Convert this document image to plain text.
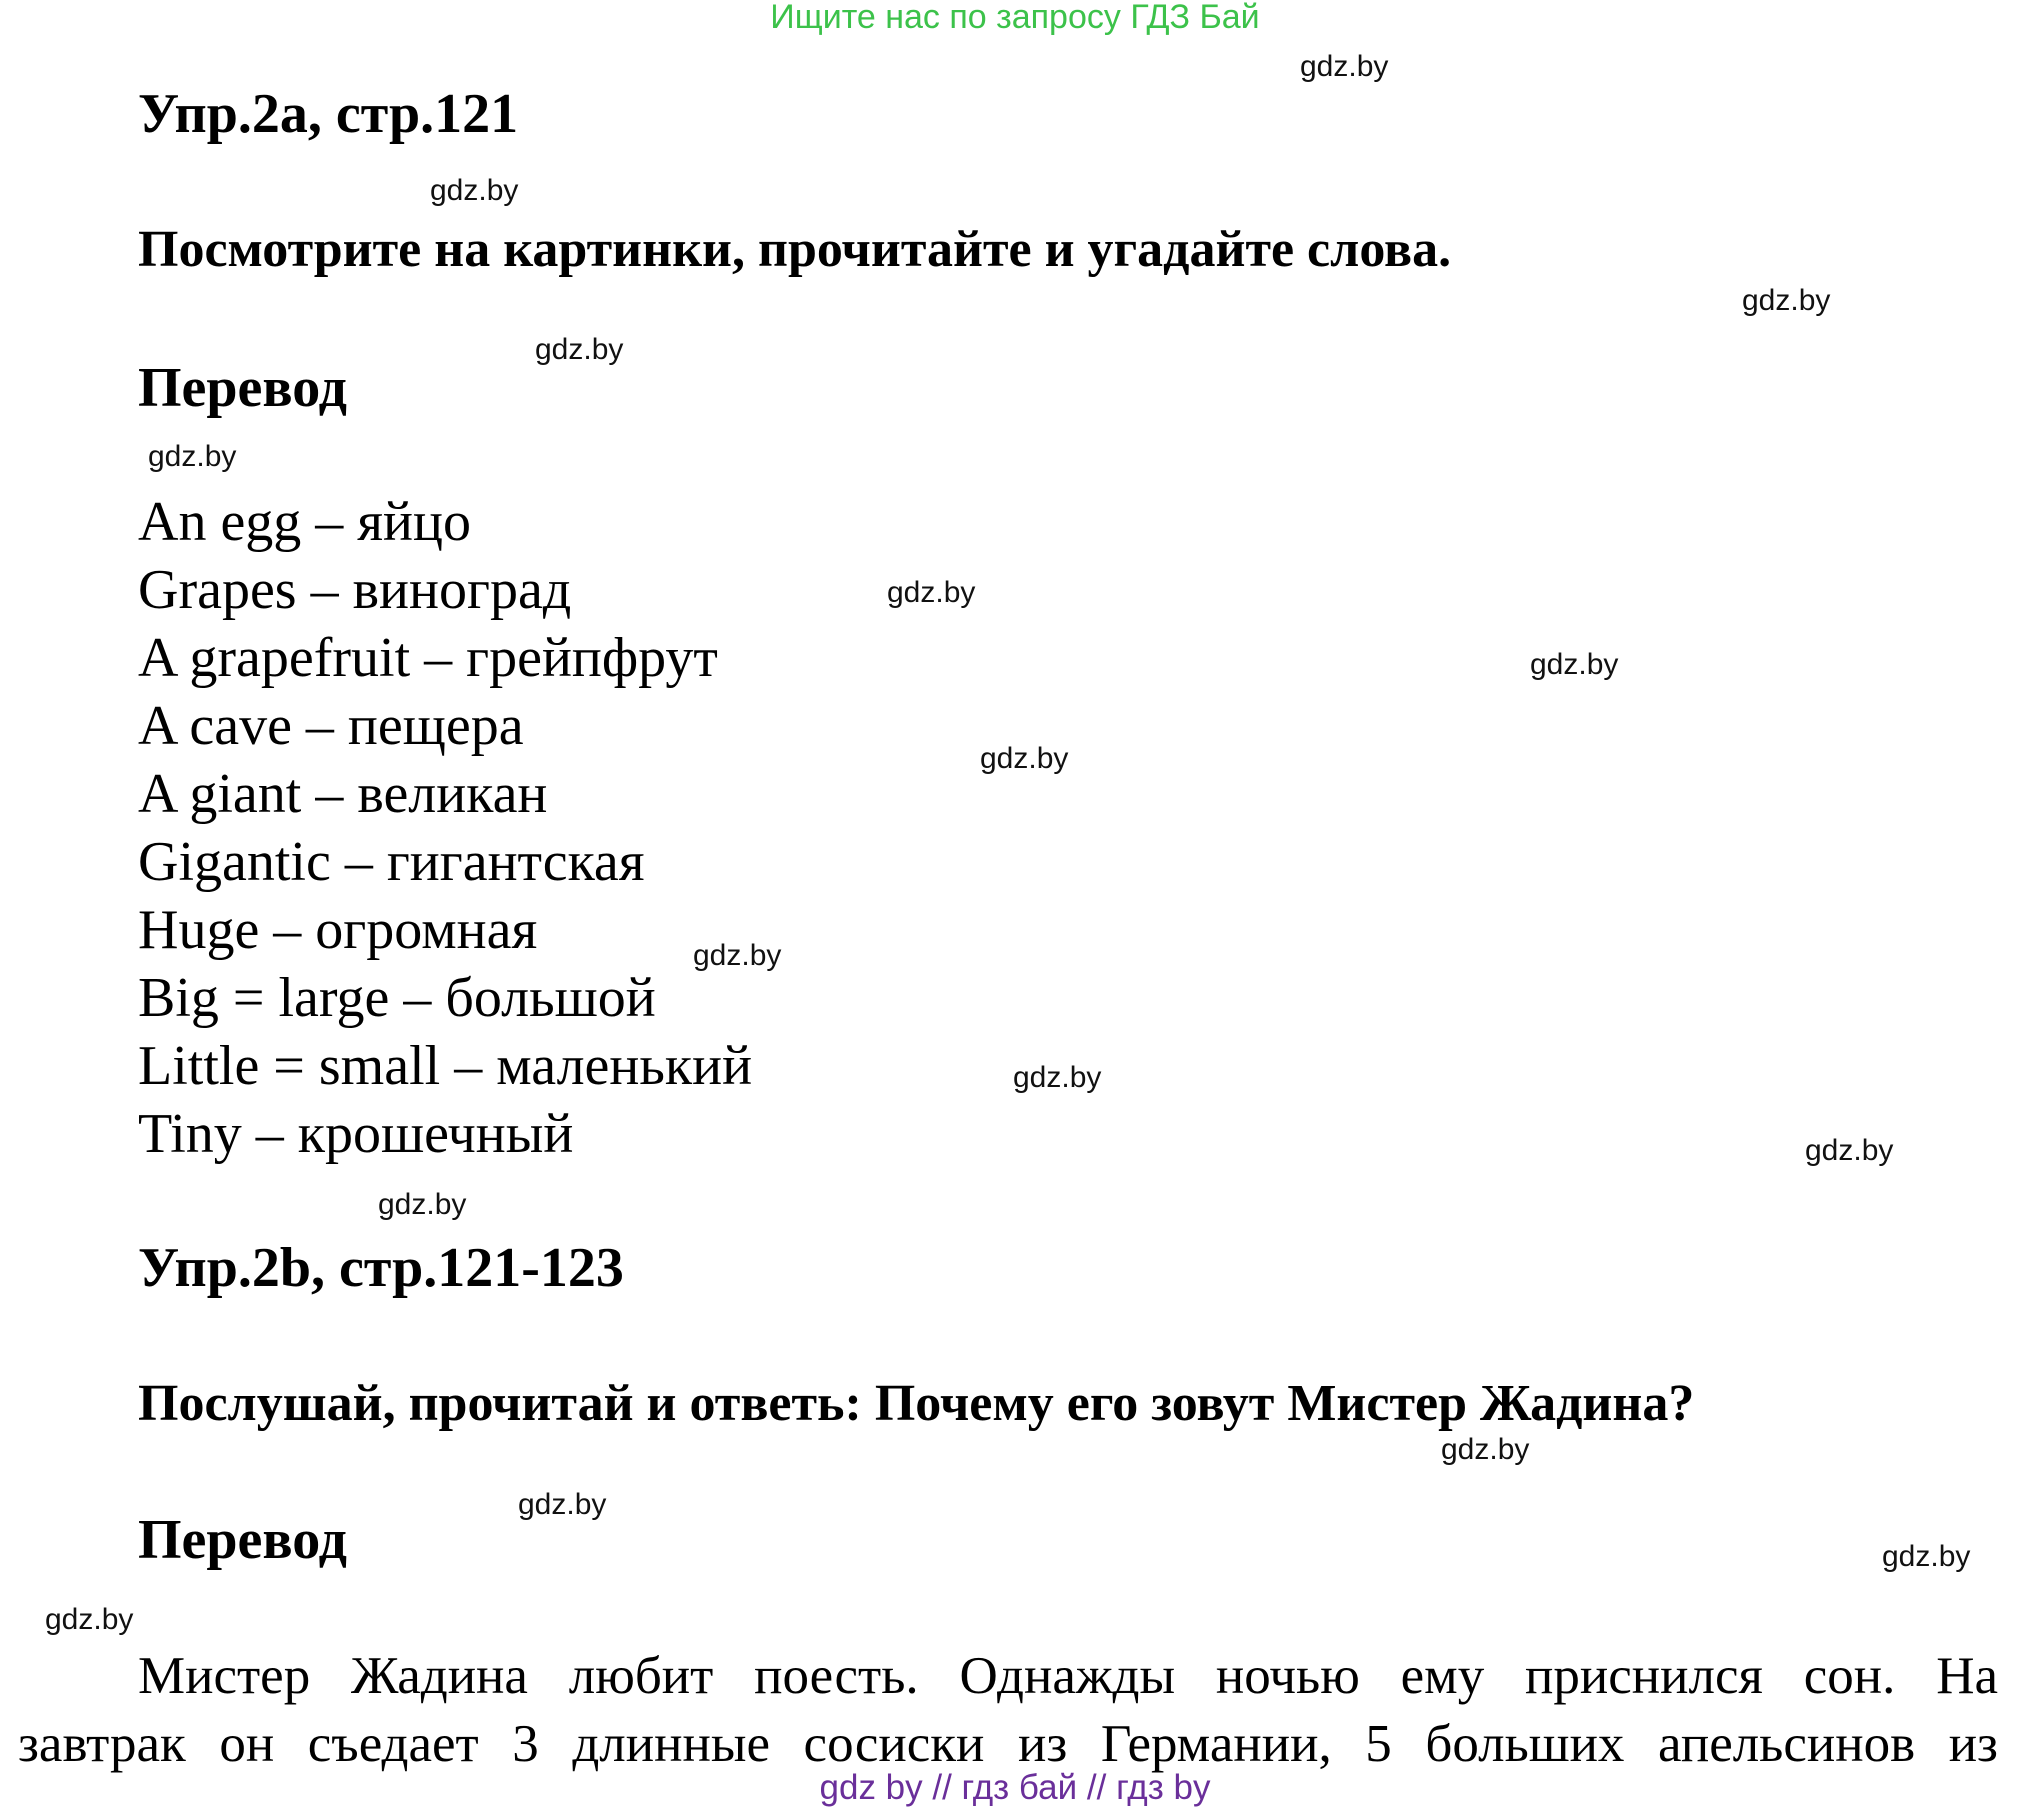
Ищите нас по запросу ГДЗ Бай
gdz.by
gdz.by
gdz.by
gdz.by
gdz.by
gdz.by
gdz.by
gdz.by
gdz.by
gdz.by
gdz.by
gdz.by
gdz.by
gdz.by
gdz.by
gdz.by
Упр.2а, стр.121
Посмотрите на картинки, прочитайте и угадайте слова.
Перевод
An egg – яйцо
Grapes – виноград
A grapefruit – грейпфрут
A cave – пещера
A giant – великан
Gigantic – гигантская
Huge – огромная
Big = large – большой
Little = small – маленький
Tiny – крошечный
Упр.2b, стр.121-123
Послушай, прочитай и ответь: Почему его зовут Мистер Жадина?
Перевод
Мистер Жадина любит поесть. Однажды ночью ему приснился сон. На
завтрак он съедает 3 длинные сосиски из Германии, 5 больших апельсинов из
gdz by // гдз бай // гдз by
